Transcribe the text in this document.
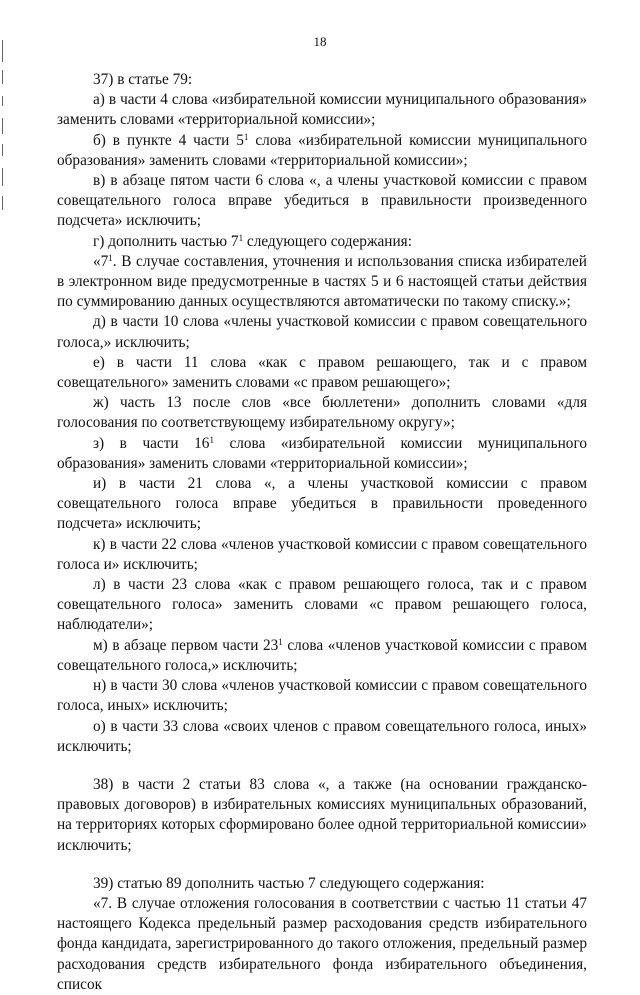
18

37) в статье 79:

а) в части 4 слова «избирательной комиссии муниципального образования» заменить словами «территориальной комиссии»;

б) в пункте 4 части $5^1$ слова «избирательной комиссии муниципального образования» заменить словами «территориальной комиссии»;

в) в абзаце пятом части 6 слова «, а члены участковой комиссии с правом совещательного голоса вправе убедиться в правильности произведенного подсчета» исключить;

г) дополнить частью $7^1$ следующего содержания:

«$7^1$. В случае составления, уточнения и использования списка избирателей в электронном виде предусмотренные в частях 5 и 6 настоящей статьи действия по суммированию данных осуществляются автоматически по такому списку.»;

д) в части 10 слова «члены участковой комиссии с правом совещательного голоса,» исключить;

е) в части 11 слова «как с правом решающего, так и с правом совещательного» заменить словами «с правом решающего»;

ж) часть 13 после слов «все бюллетени» дополнить словами «для голосования по соответствующему избирательному округу»;

з) в части $16^1$ слова «избирательной комиссии муниципального образования» заменить словами «территориальной комиссии»;

и) в части 21 слова «, а члены участковой комиссии с правом совещательного голоса вправе убедиться в правильности проведенного подсчета» исключить;

к) в части 22 слова «членов участковой комиссии с правом совещательного голоса и» исключить;

л) в части 23 слова «как с правом решающего голоса, так и с правом совещательного голоса» заменить словами «с правом решающего голоса, наблюдатели»;

м) в абзаце первом части $23^1$ слова «членов участковой комиссии с правом совещательного голоса,» исключить;

н) в части 30 слова «членов участковой комиссии с правом совещательного голоса, иных» исключить;

о) в части 33 слова «своих членов с правом совещательного голоса, иных» исключить;

38) в части 2 статьи 83 слова «, а также (на основании гражданско-правовых договоров) в избирательных комиссиях муниципальных образований, на территориях которых сформировано более одной территориальной комиссии» исключить;

39) статью 89 дополнить частью 7 следующего содержания:

«7. В случае отложения голосования в соответствии с частью 11 статьи 47 настоящего Кодекса предельный размер расходования средств избирательного фонда кандидата, зарегистрированного до такого отложения, предельный размер расходования средств избирательного фонда избирательного объединения, список
